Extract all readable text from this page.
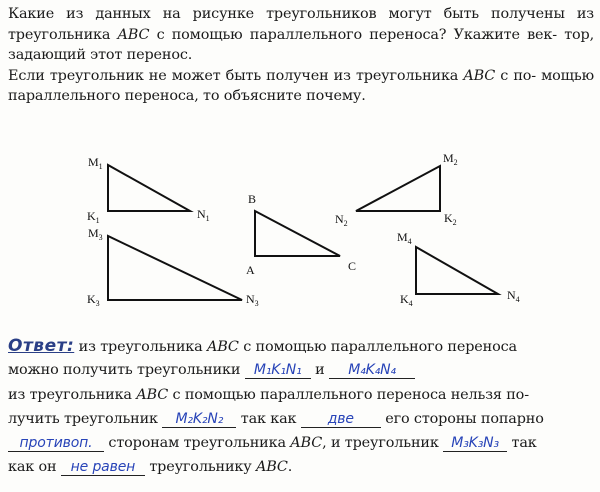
Какие из данных на рисунке треугольников могут быть получены из треугольника ABC с помощью параллельного переноса? Укажите век- тор, задающий этот перенос.

Если треугольник не может быть получен из треугольника ABC с по- мощью параллельного переноса, то объясните почему.

$M_1$
$K_1$	$N_1$
$M_2$
$K_2$
$N_2$
$M_3$
$K_3$	$N_3$
$M_4$
$K_4$
$N_4$
B
A	C
Ответ: из треугольника ABC с помощью параллельного переноса
можно получить треугольники M₁K₁N₁ и M₄K₄N₄
из треугольника ABC с помощью параллельного переноса нельзя по-
лучить треугольник M₂K₂N₂ так как две его стороны попарно
противоп. сторонам треугольника ABC, и треугольник M₃K₃N₃ так
как он не равен треугольнику ABC.
